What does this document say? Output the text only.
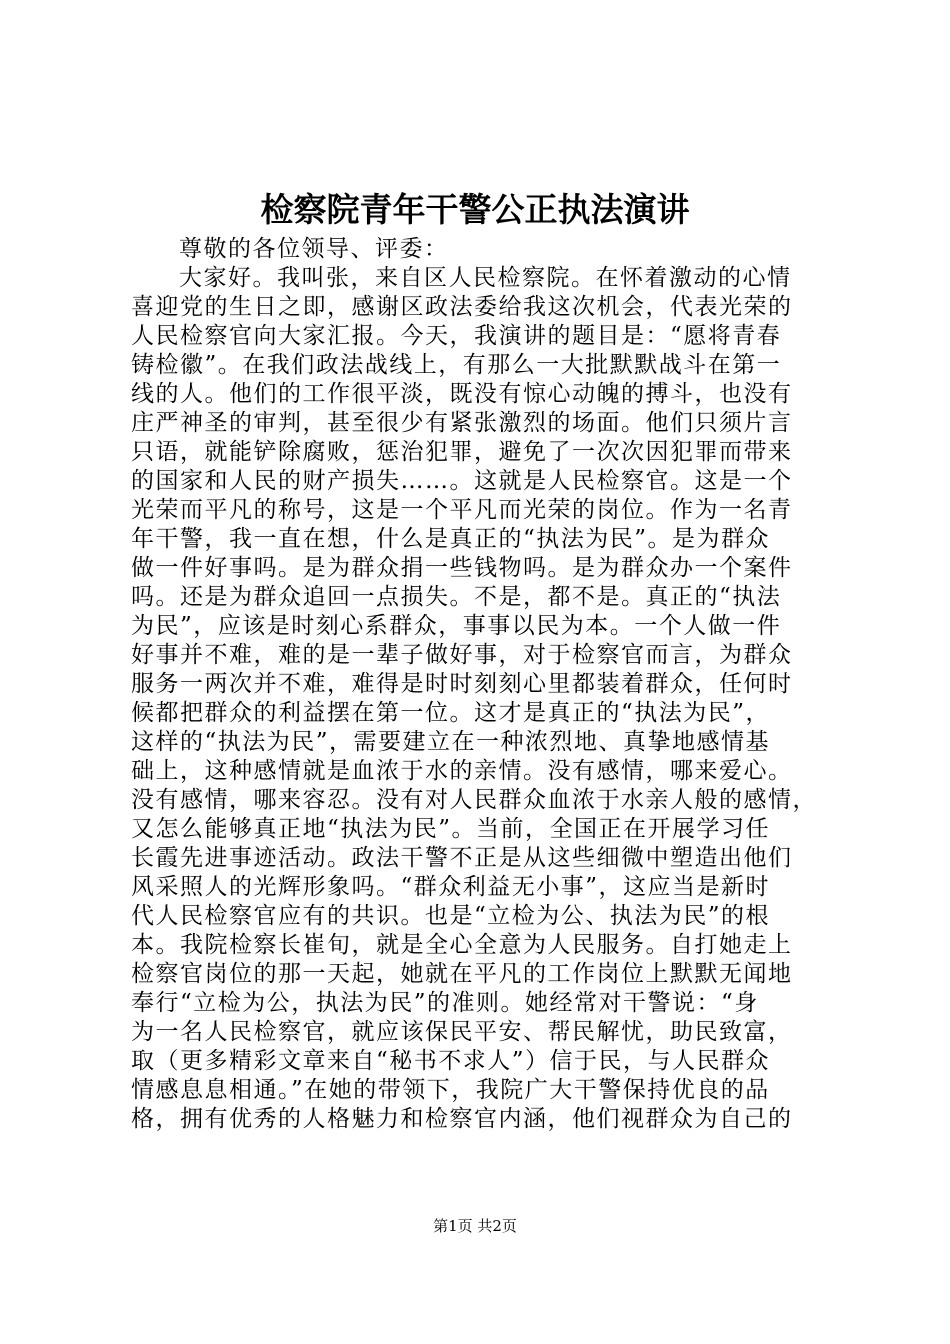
检察院青年干警公正执法演讲
尊敬的各位领导、评委：
大家好。我叫张，来自区人民检察院。在怀着激动的心情
喜迎党的生日之即，感谢区政法委给我这次机会，代表光荣的
人民检察官向大家汇报。今天，我演讲的题目是：“愿将青春
铸检徽”。在我们政法战线上，有那么一大批默默战斗在第一
线的人。他们的工作很平淡，既没有惊心动魄的搏斗，也没有
庄严神圣的审判，甚至很少有紧张激烈的场面。他们只须片言
只语，就能铲除腐败，惩治犯罪，避免了一次次因犯罪而带来
的国家和人民的财产损失……。这就是人民检察官。这是一个
光荣而平凡的称号，这是一个平凡而光荣的岗位。作为一名青
年干警，我一直在想，什么是真正的“执法为民”。是为群众
做一件好事吗。是为群众捐一些钱物吗。是为群众办一个案件
吗。还是为群众追回一点损失。不是，都不是。真正的“执法
为民”，应该是时刻心系群众，事事以民为本。一个人做一件
好事并不难，难的是一辈子做好事，对于检察官而言，为群众
服务一两次并不难，难得是时时刻刻心里都装着群众，任何时
候都把群众的利益摆在第一位。这才是真正的“执法为民”，
这样的“执法为民”，需要建立在一种浓烈地、真挚地感情基
础上，这种感情就是血浓于水的亲情。没有感情，哪来爱心。
没有感情，哪来容忍。没有对人民群众血浓于水亲人般的感情，
又怎么能够真正地“执法为民”。当前，全国正在开展学习任
长霞先进事迹活动。政法干警不正是从这些细微中塑造出他们
风采照人的光辉形象吗。“群众利益无小事”，这应当是新时
代人民检察官应有的共识。也是“立检为公、执法为民”的根
本。我院检察长崔旬，就是全心全意为人民服务。自打她走上
检察官岗位的那一天起，她就在平凡的工作岗位上默默无闻地
奉行“立检为公，执法为民”的准则。她经常对干警说：“身
为一名人民检察官，就应该保民平安、帮民解忧，助民致富，
取（更多精彩文章来自“秘书不求人”）信于民，与人民群众
情感息息相通。”在她的带领下，我院广大干警保持优良的品
格，拥有优秀的人格魅力和检察官内涵，他们视群众为自己的
第1页 共2页
